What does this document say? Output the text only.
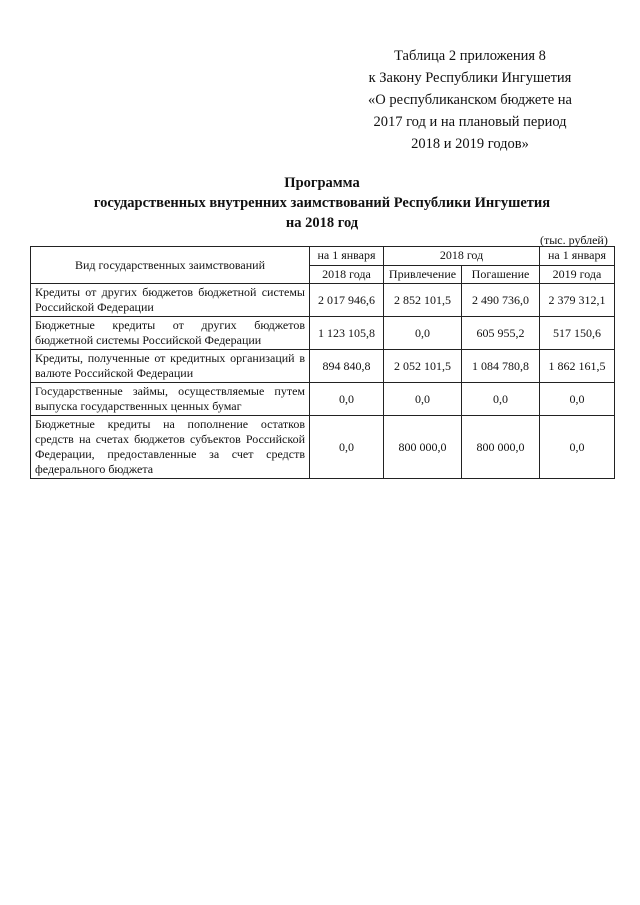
Таблица 2 приложения 8
к Закону Республики Ингушетия
«О республиканском бюджете на
2017 год и на плановый период
2018 и 2019 годов»
Программа
государственных внутренних заимствований Республики Ингушетия
на 2018 год
(тыс. рублей)
Вид государственных заимствований	на 1 января	2018 год		на 1 января
	2018 года	Привлечение	Погашение	2019 года
Кредиты от других бюджетов бюджетной системы Российской Федерации	2 017 946,6	2 852 101,5	2 490 736,0	2 379 312,1
Бюджетные кредиты от других бюджетов бюджетной системы Российской Федерации	1 123 105,8	0,0	605 955,2	517 150,6
Кредиты, полученные от кредитных организаций в валюте Российской Федерации	894 840,8	2 052 101,5	1 084 780,8	1 862 161,5
Государственные займы, осуществляемые путем выпуска государственных ценных бумаг	0,0	0,0	0,0	0,0
Бюджетные кредиты на пополнение остатков средств на счетах бюджетов субъектов Российской Федерации, предоставленные за счет средств федерального бюджета	0,0	800 000,0	800 000,0	0,0
